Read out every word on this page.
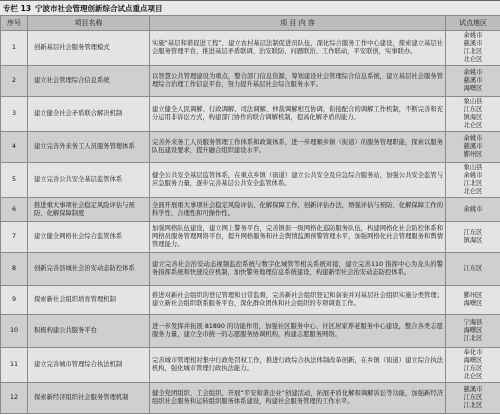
专栏 13 宁波市社会管理创新综合试点重点项目
序号	项目名称	项 目 内 容	试点地区
1	创新基层社会服务管理模式	实施“基层和谐促进工程”，建立农村基层法制促进员队伍，深化综合服务工作中心建设，探索建立基层社会服务管理平台，推进基层矛盾联调、治安联防、问题联治、工作联动，平安联创，实事联办。	余姚市
慈溪市
江北区
北仑区
2	建立社会管理综合信息系统	以智慧公共管理建设为重点，整合部门信息资源，筹划建设社会管理综合信息系统，建立基层社会服务管理综合治理工作信息平台，努力提升基层社会综合服务水平。	余姚市
慈溪市
海曙区
3	建立健全社会矛盾联合解决机制	建立健全人民调解、行政调解、司法调解、仲裁调解相互协调，衔接配合的调解工作机制，不断完善和充分运用非诉讼方式，构建部门协作的联合调解机制，提高化解矛盾的能力。	象山县
江东区
镇海区
北仑区
4	建立完善外来务工人员服务管理体系	完善外来务工人员服务管理工作体系和政策体系，进一步理顺乡镇（街道）的服务管理职能，探索以服务队伍建设要求，提升融合组织建设水平。	余姚市
慈溪市
鄞州区
5	建立完善公共安全基层监管体系	健全公共安全基层监管体系，在重点乡镇（街道）建立公共安全及应急综合服务站，加强公共安全监管与应急服务力量，逐步完善基层公共安全监管体系。	象山县
余姚市
江北区
北仑区
6	推进重大事项社会稳定风险评估与预防、化解保障制度	全面开展重大事项社会稳定风险评估、化解保障工作，创新评估办法，增强评估与预防、化解保障工作的科学性、合理性和可操作性。	余姚市
7	建立健全网格社会综合监管体系	加强网格队伍建设，建立网上警务平台，完善镇街一级网格化巡防服务队伍，构建网格化社会防控体系和网格员服务管理网络平台，提升网格服务和社会舆情监测预警管理水平，加强网格化社会管理服务和舆情管理能力。	江东区
镇海区
8	创新完善县城社会治安动态防控体系	建立完善社会治安动态视频监控系统与数字化城管等相关系统对接，建立完善110 指挥中心为龙头的警务指挥系统和快速反应机制，加快警务地理信息系统建设，构建新型社会治安动态防控体系。	江东区
9	探索新社会组织培育管理机制	推进对新社会组织的登记管理和日常监督，完善新社会组织登记和备案并对基层社会组织实施分类管理；建立新社会组织联系服务平台，深化群众团体和社会组织的专项调查工作。	鄞州区
海曙区
10	积极构建公共服务平台	进一步发挥并拓展 81890 的功能作用，加强社区服务中心、社区居家养老服务中心建设，整合各类志愿服务力量，建立全市统一的志愿服务协调机构，构建志愿服务网络。	宁海县
海曙区
江北区
11	建立完善城市管理综合执法机制	完善城市管理相对集中行政处罚权工作，推进行政综合执法体制改革创新，在乡镇（街道）建立综合执法机构，强化城市管理行政执法能力。	奉化市
海曙区
江东区
北仑区
12	探索新经济组织社会服务管理机制	健全党团组织、工会组织，开展“平安和谐企业”创建活动，拓展矛盾化解和调解诉讼等功能，加强新经济组织社会服务和运转组织服务体系建设，构建社会服务管理的工作水平。	慈溪市
江东区
江北区
